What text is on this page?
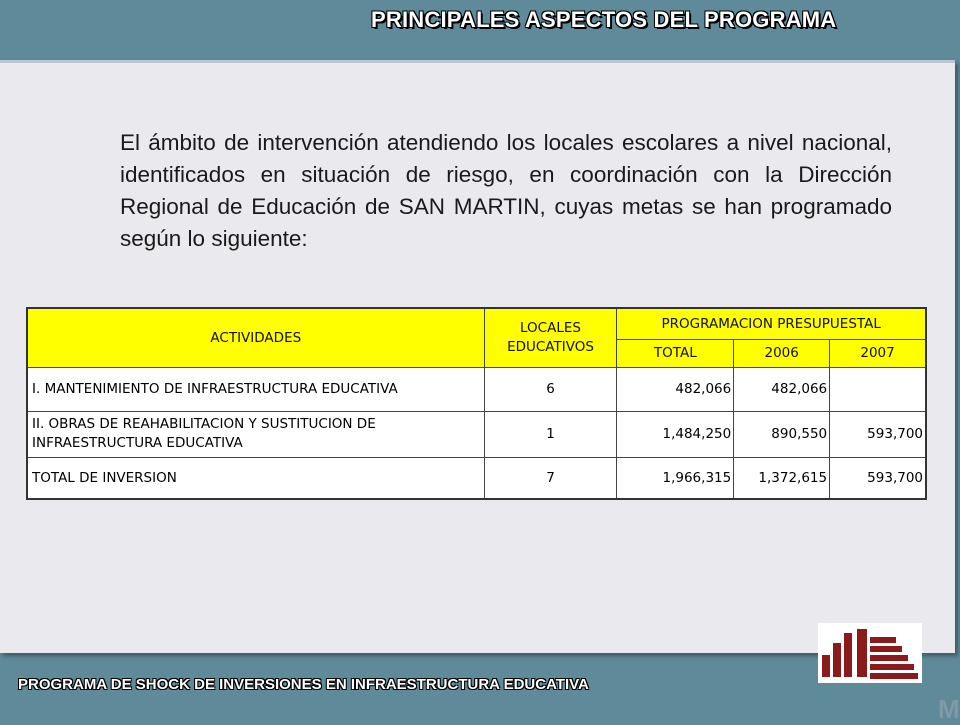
PRINCIPALES ASPECTOS DEL PROGRAMA
El ámbito de intervención atendiendo los locales escolares a nivel nacional, identificados en situación de riesgo, en coordinación con la Dirección Regional de Educación de SAN MARTIN, cuyas metas se han programado según lo siguiente:
ACTIVIDADES	LOCALES EDUCATIVOS	PROGRAMACION PRESUPUESTAL		
		TOTAL	2006	2007
I. MANTENIMIENTO DE INFRAESTRUCTURA EDUCATIVA	6	482,066	482,066	
II. OBRAS DE REAHABILITACION Y SUSTITUCION DE INFRAESTRUCTURA EDUCATIVA	1	1,484,250	890,550	593,700
TOTAL DE INVERSION	7	1,966,315	1,372,615	593,700
PROGRAMA DE SHOCK DE INVERSIONES EN INFRAESTRUCTURA EDUCATIVA
M
